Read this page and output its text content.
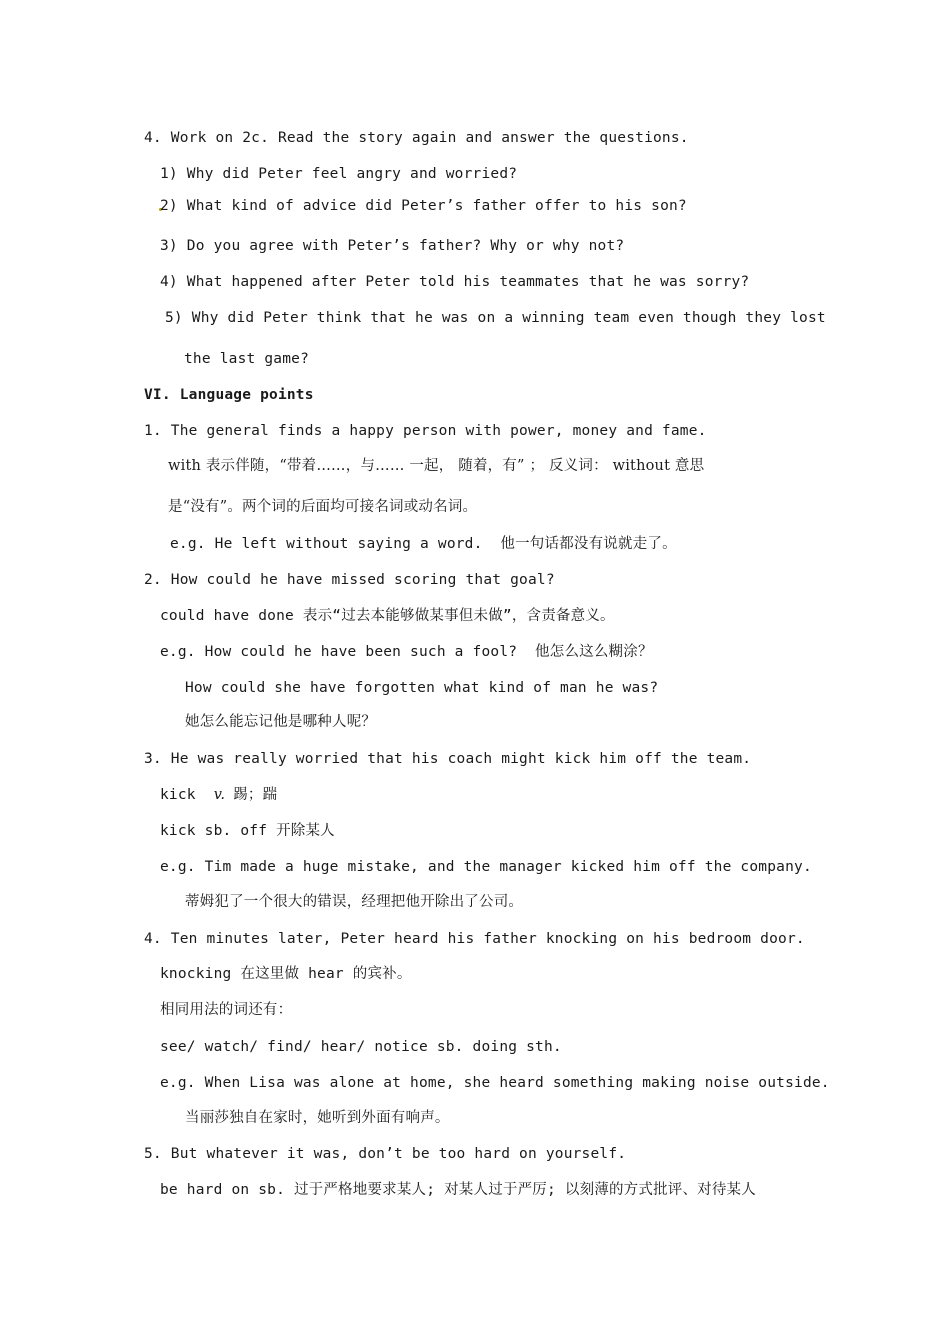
4. Work on 2c. Read the story again and answer the questions.
1) Why did Peter feel angry and worried?
2) What kind of advice did Peter’s father offer to his son?
3) Do you agree with Peter’s father? Why or why not?
4) What happened after Peter told his teammates that he was sorry?
5) Why did Peter think that he was on a winning team even though they lost
the last game?
VI. Language points
1. The general finds a happy person with power, money and fame.
with 表示伴随，“带着……，与…… 一起， 随着，有” ； 反义词： without 意思
是“没有”。两个词的后面均可接名词或动名词。
e.g. He left without saying a word.  他一句话都没有说就走了。
2. How could he have missed scoring that goal?
could have done 表示“过去本能够做某事但未做”，含责备意义。
e.g. How could he have been such a fool?  他怎么这么糊涂？
How could she have forgotten what kind of man he was?
她怎么能忘记他是哪种人呢？
3. He was really worried that his coach might kick him off the team.
kick v. 踢；踹
kick sb. off 开除某人
e.g. Tim made a huge mistake, and the manager kicked him off the company.
蒂姆犯了一个很大的错误，经理把他开除出了公司。
4. Ten minutes later, Peter heard his father knocking on his bedroom door.
knocking 在这里做 hear 的宾补。
相同用法的词还有：
see/ watch/ find/ hear/ notice sb. doing sth.
e.g. When Lisa was alone at home, she heard something making noise outside.
当丽莎独自在家时，她听到外面有响声。
5. But whatever it was, don’t be too hard on yourself.
be hard on sb. 过于严格地要求某人; 对某人过于严厉; 以刻薄的方式批评、对待某人
